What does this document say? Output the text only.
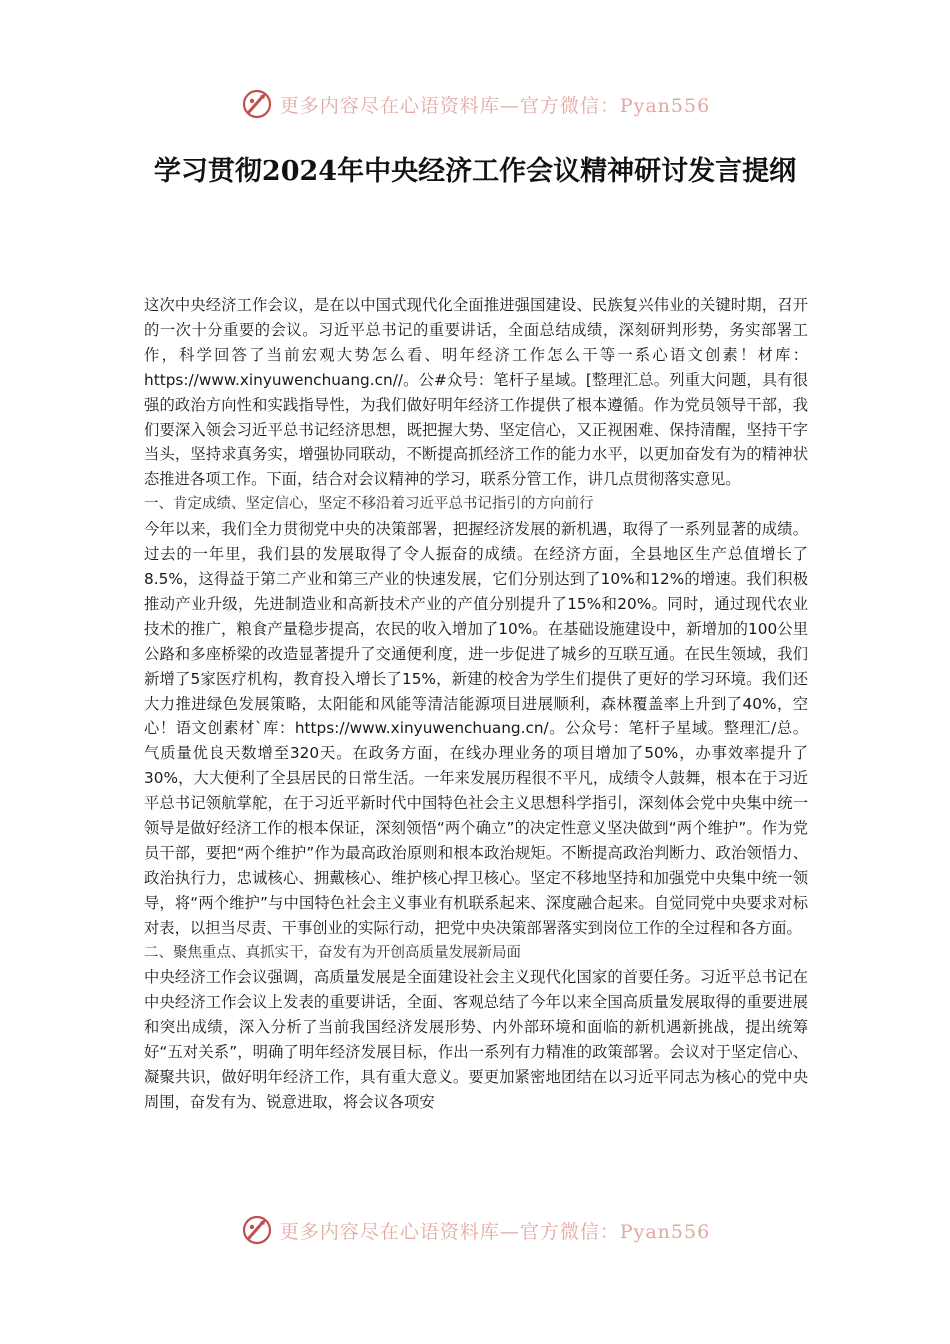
更多内容尽在心语资料库—官方微信：Pyan556
学习贯彻2024年中央经济工作会议精神研讨发言提纲

这次中央经济工作会议，是在以中国式现代化全面推进强国建设、民族复兴伟业的关键时期，召开的一次十分重要的会议。习近平总书记的重要讲话，全面总结成绩，深刻研判形势，务实部署工作，科学回答了当前宏观大势怎么看、明年经济工作怎么干等一系心语文创素！材库：https://www.xinyuwenchuang.cn//。公#众号：笔杆子星域。[整理汇总。列重大问题，具有很强的政治方向性和实践指导性，为我们做好明年经济工作提供了根本遵循。作为党员领导干部，我们要深入领会习近平总书记经济思想，既把握大势、坚定信心，又正视困难、保持清醒，坚持干字当头，坚持求真务实，增强协同联动，不断提高抓经济工作的能力水平，以更加奋发有为的精神状态推进各项工作。下面，结合对会议精神的学习，联系分管工作，讲几点贯彻落实意见。

一、肯定成绩、坚定信心，坚定不移沿着习近平总书记指引的方向前行

今年以来，我们全力贯彻党中央的决策部署，把握经济发展的新机遇，取得了一系列显著的成绩。过去的一年里，我们县的发展取得了令人振奋的成绩。在经济方面，全县地区生产总值增长了8.5%，这得益于第二产业和第三产业的快速发展，它们分别达到了10%和12%的增速。我们积极推动产业升级，先进制造业和高新技术产业的产值分别提升了15%和20%。同时，通过现代农业技术的推广，粮食产量稳步提高，农民的收入增加了10%。在基础设施建设中，新增加的100公里公路和多座桥梁的改造显著提升了交通便利度，进一步促进了城乡的互联互通。在民生领域，我们新增了5家医疗机构，教育投入增长了15%，新建的校舍为学生们提供了更好的学习环境。我们还大力推进绿色发展策略，太阳能和风能等清洁能源项目进展顺利，森林覆盖率上升到了40%，空心！语文创素材`库：https://www.xinyuwenchuang.cn/。公众号：笔杆子星域。整理汇/总。气质量优良天数增至320天。在政务方面，在线办理业务的项目增加了50%，办事效率提升了30%，大大便利了全县居民的日常生活。一年来发展历程很不平凡，成绩令人鼓舞，根本在于习近平总书记领航掌舵，在于习近平新时代中国特色社会主义思想科学指引，深刻体会党中央集中统一领导是做好经济工作的根本保证，深刻领悟“两个确立”的决定性意义坚决做到“两个维护”。作为党员干部，要把“两个维护”作为最高政治原则和根本政治规矩。不断提高政治判断力、政治领悟力、政治执行力，忠诚核心、拥戴核心、维护核心捍卫核心。坚定不移地坚持和加强党中央集中统一领导，将“两个维护”与中国特色社会主义事业有机联系起来、深度融合起来。自觉同党中央要求对标对表，以担当尽责、干事创业的实际行动，把党中央决策部署落实到岗位工作的全过程和各方面。

二、聚焦重点、真抓实干，奋发有为开创高质量发展新局面

中央经济工作会议强调，高质量发展是全面建设社会主义现代化国家的首要任务。习近平总书记在中央经济工作会议上发表的重要讲话，全面、客观总结了今年以来全国高质量发展取得的重要进展和突出成绩，深入分析了当前我国经济发展形势、内外部环境和面临的新机遇新挑战，提出统筹好“五对关系”，明确了明年经济发展目标，作出一系列有力精准的政策部署。会议对于坚定信心、凝聚共识，做好明年经济工作，具有重大意义。要更加紧密地团结在以习近平同志为核心的党中央周围，奋发有为、锐意进取，将会议各项安

更多内容尽在心语资料库—官方微信：Pyan556
